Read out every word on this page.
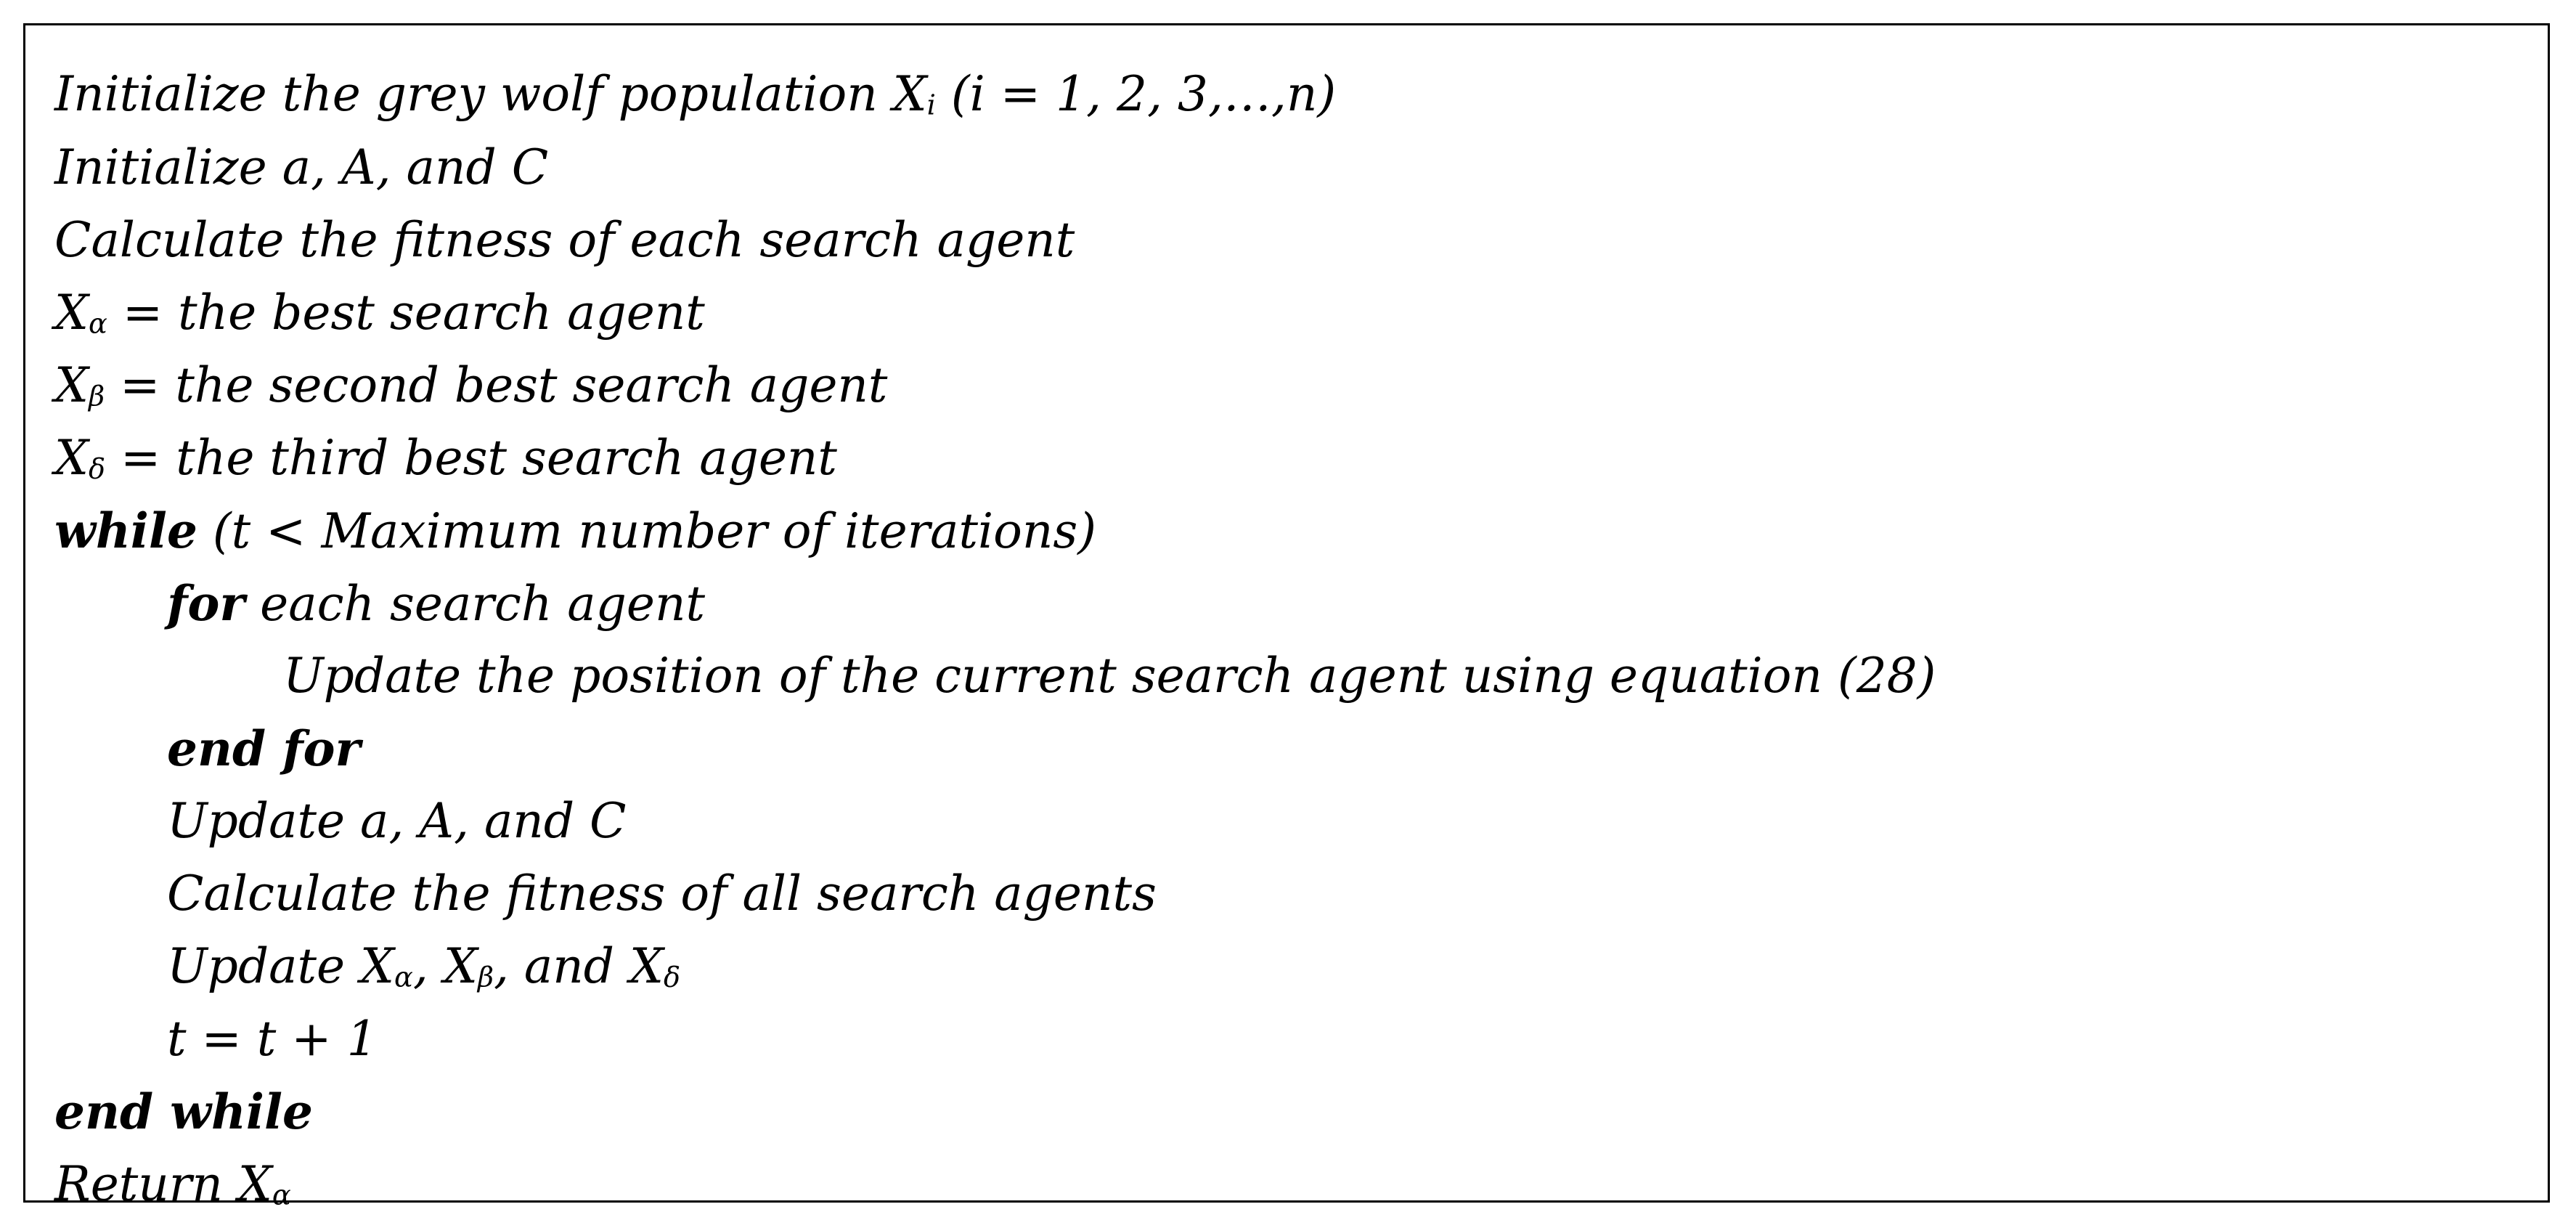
Initialize the grey wolf population $X_i$ (i = 1, 2, 3,…,n)
Initialize a, A, and C
Calculate the fitness of each search agent
$X_\alpha$ = the best search agent
$X_\beta$ = the second best search agent
$X_\delta$ = the third best search agent
while (t < Maximum number of iterations)
for each search agent
Update the position of the current search agent using equation (28)
end for
Update a, A, and C
Calculate the fitness of all search agents
Update $X_\alpha$, $X_\beta$, and $X_\delta$
t = t + 1
end while
Return $X_\alpha$
